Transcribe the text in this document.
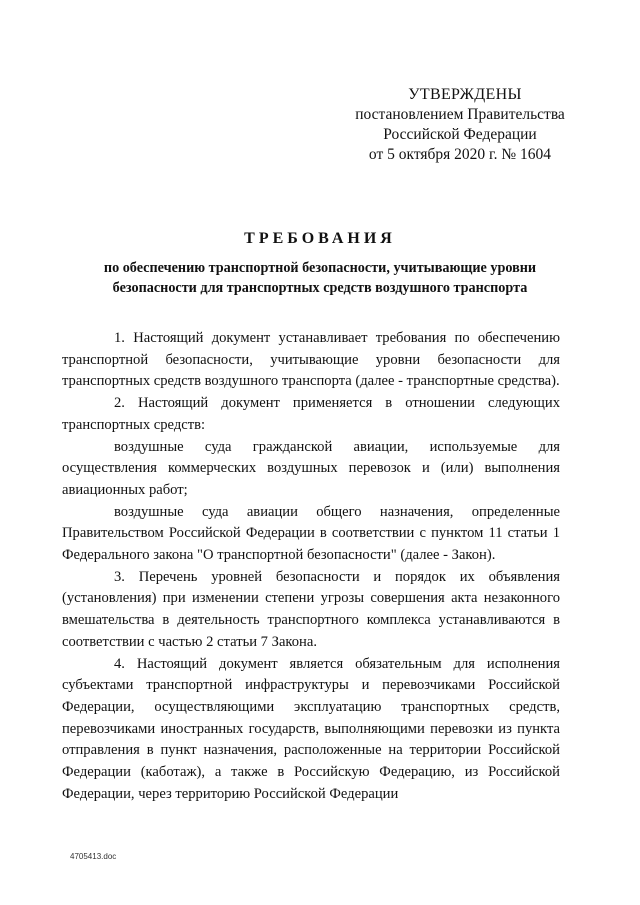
УТВЕРЖДЕНЫ
постановлением Правительства
Российской Федерации
от 5 октября 2020 г. № 1604
ТРЕБОВАНИЯ
по обеспечению транспортной безопасности, учитывающие уровни безопасности для транспортных средств воздушного транспорта

1. Настоящий документ устанавливает требования по обеспечению транспортной безопасности, учитывающие уровни безопасности для транспортных средств воздушного транспорта (далее - транспортные средства).

2. Настоящий документ применяется в отношении следующих транспортных средств:

воздушные суда гражданской авиации, используемые для осуществления коммерческих воздушных перевозок и (или) выполнения авиационных работ;

воздушные суда авиации общего назначения, определенные Правительством Российской Федерации в соответствии с пунктом 11 статьи 1 Федерального закона "О транспортной безопасности" (далее - Закон).

3. Перечень уровней безопасности и порядок их объявления (установления) при изменении степени угрозы совершения акта незаконного вмешательства в деятельность транспортного комплекса устанавливаются в соответствии с частью 2 статьи 7 Закона.

4. Настоящий документ является обязательным для исполнения субъектами транспортной инфраструктуры и перевозчиками Российской Федерации, осуществляющими эксплуатацию транспортных средств, перевозчиками иностранных государств, выполняющими перевозки из пункта отправления в пункт назначения, расположенные на территории Российской Федерации (каботаж), а также в Российскую Федерацию, из Российской Федерации, через территорию Российской Федерации

4705413.doc
